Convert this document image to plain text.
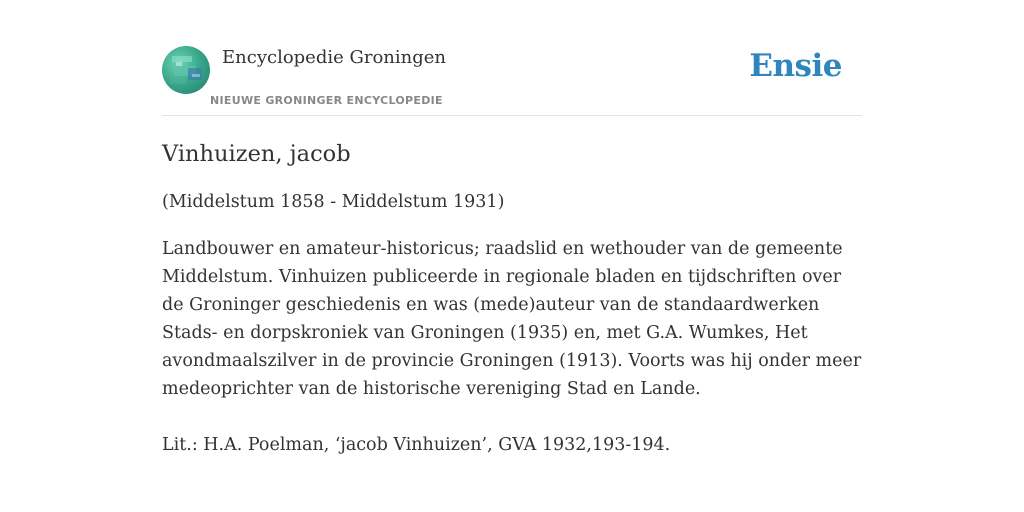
Encyclopedie Groningen
NIEUWE GRONINGER ENCYCLOPEDIE
Ensie
Vinhuizen, jacob

(Middelstum 1858 - Middelstum 1931)

Landbouwer en amateur-historicus; raadslid en wethouder van de gemeente Middelstum. Vinhuizen publiceerde in regionale bladen en tijdschriften over de Groninger geschiedenis en was (mede)auteur van de standaardwerken Stads- en dorpskroniek van Groningen (1935) en, met G.A. Wumkes, Het avondmaalszilver in de provincie Groningen (1913). Voorts was hij onder meer medeoprichter van de historische vereniging Stad en Lande.

Lit.: H.A. Poelman, ‘jacob Vinhuizen’, GVA 1932,193-194.
